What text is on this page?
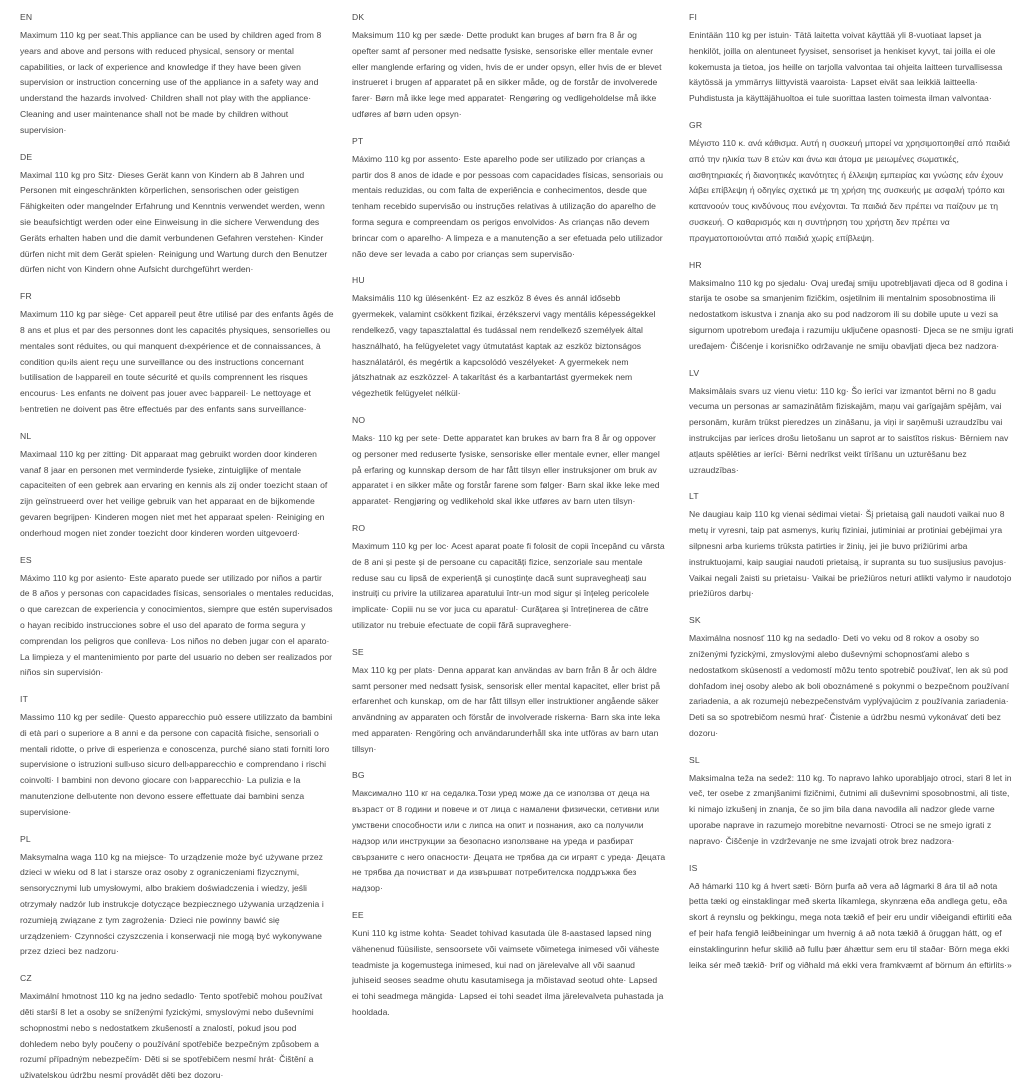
EN

Maximum 110 kg per seat.This appliance can be used by children aged from 8 years and above and persons with reduced physical, sensory or mental capabilities, or lack of experience and knowledge if they have been given supervision or instruction concerning use of the appliance in a safety way and understand the hazards involved· Children shall not play with the appliance· Cleaning and user maintenance shall not be made by children without supervision·

DE

Maximal 110 kg pro Sitz· Dieses Gerät kann von Kindern ab 8 Jahren und Personen mit eingeschränkten körperlichen, sensorischen oder geistigen Fähigkeiten oder mangelnder Erfahrung und Kenntnis verwendet werden, wenn sie beaufsichtigt werden oder eine Einweisung in die sichere Verwendung des Geräts erhalten haben und die damit verbundenen Gefahren verstehen· Kinder dürfen nicht mit dem Gerät spielen· Reinigung und Wartung durch den Benutzer dürfen nicht von Kindern ohne Aufsicht durchgeführt werden·

FR

Maximum 110 kg par siège· Cet appareil peut être utilisé par des enfants âgés de 8 ans et plus et par des personnes dont les capacités physiques, sensorielles ou mentales sont réduites, ou qui manquent d›expérience et de connaissances, à condition qu›ils aient reçu une surveillance ou des instructions concernant l›utilisation de l›appareil en toute sécurité et qu›ils comprennent les risques encourus· Les enfants ne doivent pas jouer avec l›appareil· Le nettoyage et l›entretien ne doivent pas être effectués par des enfants sans surveillance·

NL

Maximaal 110 kg per zitting· Dit apparaat mag gebruikt worden door kinderen vanaf 8 jaar en personen met verminderde fysieke, zintuiglijke of mentale capaciteiten of een gebrek aan ervaring en kennis als zij onder toezicht staan of zijn geïnstrueerd over het veilige gebruik van het apparaat en de bijkomende gevaren begrijpen· Kinderen mogen niet met het apparaat spelen· Reiniging en onderhoud mogen niet zonder toezicht door kinderen worden uitgevoerd·

ES

Máximo 110 kg por asiento· Este aparato puede ser utilizado por niños a partir de 8 años y personas con capacidades físicas, sensoriales o mentales reducidas, o que carezcan de experiencia y conocimientos, siempre que estén supervisados o hayan recibido instrucciones sobre el uso del aparato de forma segura y comprendan los peligros que conlleva· Los niños no deben jugar con el aparato· La limpieza y el mantenimiento por parte del usuario no deben ser realizados por niños sin supervisión·

IT

Massimo 110 kg per sedile· Questo apparecchio può essere utilizzato da bambini di età pari o superiore a 8 anni e da persone con capacità fisiche, sensoriali o mentali ridotte, o prive di esperienza e conoscenza, purché siano stati forniti loro supervisione o istruzioni sull›uso sicuro dell›apparecchio e comprendano i rischi coinvolti· I bambini non devono giocare con l›apparecchio· La pulizia e la manutenzione dell›utente non devono essere effettuate dai bambini senza supervisione·

PL

Maksymalna waga 110 kg na miejsce· To urządzenie może być używane przez dzieci w wieku od 8 lat i starsze oraz osoby z ograniczeniami fizycznymi, sensorycznymi lub umysłowymi, albo brakiem doświadczenia i wiedzy, jeśli otrzymały nadzór lub instrukcje dotyczące bezpiecznego używania urządzenia i rozumieją związane z tym zagrożenia· Dzieci nie powinny bawić się urządzeniem· Czynności czyszczenia i konserwacji nie mogą być wykonywane przez dzieci bez nadzoru·

CZ

Maximální hmotnost 110 kg na jedno sedadlo· Tento spotřebič mohou používat děti starší 8 let a osoby se sníženými fyzickými, smyslovými nebo duševními schopnostmi nebo s nedostatkem zkušeností a znalostí, pokud jsou pod dohledem nebo byly poučeny o používání spotřebiče bezpečným způsobem a rozumí případným nebezpečím· Děti si se spotřebičem nesmí hrát· Čištění a uživatelskou údržbu nesmí provádět děti bez dozoru·

DK

Maksimum 110 kg per sæde· Dette produkt kan bruges af børn fra 8 år og opefter samt af personer med nedsatte fysiske, sensoriske eller mentale evner eller manglende erfaring og viden, hvis de er under opsyn, eller hvis de er blevet instrueret i brugen af apparatet på en sikker måde, og de forstår de involverede farer· Børn må ikke lege med apparatet· Rengøring og vedligeholdelse må ikke udføres af børn uden opsyn·

PT

Máximo 110 kg por assento· Este aparelho pode ser utilizado por crianças a partir dos 8 anos de idade e por pessoas com capacidades físicas, sensoriais ou mentais reduzidas, ou com falta de experiência e conhecimentos, desde que tenham recebido supervisão ou instruções relativas à utilização do aparelho de forma segura e compreendam os perigos envolvidos· As crianças não devem brincar com o aparelho· A limpeza e a manutenção a ser efetuada pelo utilizador não deve ser levada a cabo por crianças sem supervisão·

HU

Maksimális 110 kg ülésenként· Ez az eszköz 8 éves és annál idősebb gyermekek, valamint csökkent fizikai, érzékszervi vagy mentális képességekkel rendelkező, vagy tapasztalattal és tudással nem rendelkező személyek által használható, ha felügyeletet vagy útmutatást kaptak az eszköz biztonságos használatáról, és megértik a kapcsolódó veszélyeket· A gyermekek nem játszhatnak az eszközzel· A takarítást és a karbantartást gyermekek nem végezhetik felügyelet nélkül·

NO

Maks· 110 kg per sete· Dette apparatet kan brukes av barn fra 8 år og oppover og personer med reduserte fysiske, sensoriske eller mentale evner, eller mangel på erfaring og kunnskap dersom de har fått tilsyn eller instruksjoner om bruk av apparatet i en sikker måte og forstår farene som følger· Barn skal ikke leke med apparatet· Rengjøring og vedlikehold skal ikke utføres av barn uten tilsyn·

RO

Maximum 110 kg per loc· Acest aparat poate fi folosit de copii începând cu vârsta de 8 ani și peste și de persoane cu capacități fizice, senzoriale sau mentale reduse sau cu lipsă de experiență și cunoștințe dacă sunt supravegheați sau instruiți cu privire la utilizarea aparatului într-un mod sigur și înțeleg pericolele implicate· Copiii nu se vor juca cu aparatul· Curățarea și întreținerea de către utilizator nu trebuie efectuate de copii fără supraveghere·

SE

Max 110 kg per plats· Denna apparat kan användas av barn från 8 år och äldre samt personer med nedsatt fysisk, sensorisk eller mental kapacitet, eller brist på erfarenhet och kunskap, om de har fått tillsyn eller instruktioner angående säker användning av apparaten och förstår de involverade riskerna· Barn ska inte leka med apparaten· Rengöring och användarunderhåll ska inte utföras av barn utan tillsyn·

BG

Максимално 110 кг на седалка.Този уред може да се използва от деца на възраст от 8 години и повече и от лица с намалени физически, сетивни или умствени способности или с липса на опит и познания, ако са получили надзор или инструкции за безопасно използване на уреда и разбират свързаните с него опасности· Децата не трябва да си играят с уреда· Децата не трябва да почистват и да извършват потребителска поддръжка без надзор·

EE

Kuni 110 kg istme kohta· Seadet tohivad kasutada üle 8-aastased lapsed ning vähenenud füüsiliste, sensoorsete või vaimsete võimetega inimesed või väheste teadmiste ja kogemustega inimesed, kui nad on järelevalve all või saanud juhiseid seoses seadme ohutu kasutamisega ja mõistavad seotud ohte· Lapsed ei tohi seadmega mängida· Lapsed ei tohi seadet ilma järelevalveta puhastada ja hooldada.

FI

Enintään 110 kg per istuin· Tätä laitetta voivat käyttää yli 8-vuotiaat lapset ja henkilöt, joilla on alentuneet fyysiset, sensoriset ja henkiset kyvyt, tai joilla ei ole kokemusta ja tietoa, jos heille on tarjolla valvontaa tai ohjeita laitteen turvallisessa käytössä ja ymmärrys liittyvistä vaaroista· Lapset eivät saa leikkiä laitteella· Puhdistusta ja käyttäjähuoltoa ei tule suorittaa lasten toimesta ilman valvontaa·

GR

Μέγιστο 110 κ. ανά κάθισμα. Αυτή η συσκευή μπορεί να χρησιμοποιηθεί από παιδιά από την ηλικία των 8 ετών και άνω και άτομα με μειωμένες σωματικές, αισθητηριακές ή διανοητικές ικανότητες ή έλλειψη εμπειρίας και γνώσης εάν έχουν λάβει επίβλεψη ή οδηγίες σχετικά με τη χρήση της συσκευής με ασφαλή τρόπο και κατανοούν τους κινδύνους που ενέχονται. Τα παιδιά δεν πρέπει να παίζουν με τη συσκευή. Ο καθαρισμός και η συντήρηση του χρήστη δεν πρέπει να πραγματοποιούνται από παιδιά χωρίς επίβλεψη.

HR

Maksimalno 110 kg po sjedalu· Ovaj uređaj smiju upotrebljavati djeca od 8 godina i starija te osobe sa smanjenim fizičkim, osjetilnim ili mentalnim sposobnostima ili nedostatkom iskustva i znanja ako su pod nadzorom ili su dobile upute u vezi sa sigurnom upotrebom uređaja i razumiju uključene opasnosti· Djeca se ne smiju igrati uređajem· Čišćenje i korisničko održavanje ne smiju obavljati djeca bez nadzora·

LV

Maksimālais svars uz vienu vietu: 110 kg· Šo ierīci var izmantot bērni no 8 gadu vecuma un personas ar samazinātām fiziskajām, maņu vai garīgajām spējām, vai personām, kurām trūkst pieredzes un zināšanu, ja viņi ir saņēmuši uzraudzību vai instrukcijas par ierīces drošu lietošanu un saprot ar to saistītos riskus· Bērniem nav atļauts spēlēties ar ierīci· Bērni nedrīkst veikt tīrīšanu un uzturēšanu bez uzraudzības·

LT

Ne daugiau kaip 110 kg vienai sėdimai vietai· Šį prietaisą gali naudoti vaikai nuo 8 metų ir vyresni, taip pat asmenys, kurių fiziniai, jutiminiai ar protiniai gebėjimai yra silpnesni arba kuriems trūksta patirties ir žinių, jei jie buvo prižiūrimi arba instruktuojami, kaip saugiai naudoti prietaisą, ir supranta su tuo susijusius pavojus· Vaikai negali žaisti su prietaisu· Vaikai be priežiūros neturi atlikti valymo ir naudotojo priežiūros darbų·

SK

Maximálna nosnosť 110 kg na sedadlo· Deti vo veku od 8 rokov a osoby so zníženými fyzickými, zmyslovými alebo duševnými schopnosťami alebo s nedostatkom skúseností a vedomostí môžu tento spotrebič používať, len ak sú pod dohľadom inej osoby alebo ak boli oboznámené s pokynmi o bezpečnom používaní zariadenia, a ak rozumejú nebezpečenstvám vyplývajúcim z používania zariadenia· Deti sa so spotrebičom nesmú hrať· Čistenie a údržbu nesmú vykonávať deti bez dozoru·

SL

Maksimalna teža na sedež: 110 kg. To napravo lahko uporabljajo otroci, stari 8 let in več, ter osebe z zmanjšanimi fizičnimi, čutnimi ali duševnimi sposobnostmi, ali tiste, ki nimajo izkušenj in znanja, če so jim bila dana navodila ali nadzor glede varne uporabe naprave in razumejo morebitne nevarnosti· Otroci se ne smejo igrati z napravo· Čiščenje in vzdrževanje ne sme izvajati otrok brez nadzora·

IS

Að hámarki 110 kg á hvert sæti· Börn þurfa að vera að lágmarki 8 ára til að nota þetta tæki og einstaklingar með skerta líkamlega, skynræna eða andlega getu, eða skort á reynslu og þekkingu, mega nota tækið ef þeir eru undir viðeigandi eftirliti eða ef þeir hafa fengið leiðbeiningar um hvernig á að nota tækið á öruggan hátt, og ef einstaklingurinn hefur skilið að fullu þær áhættur sem eru til staðar· Börn mega ekki leika sér með tækið· Þrif og viðhald má ekki vera framkvæmt af börnum án eftirlits·»
